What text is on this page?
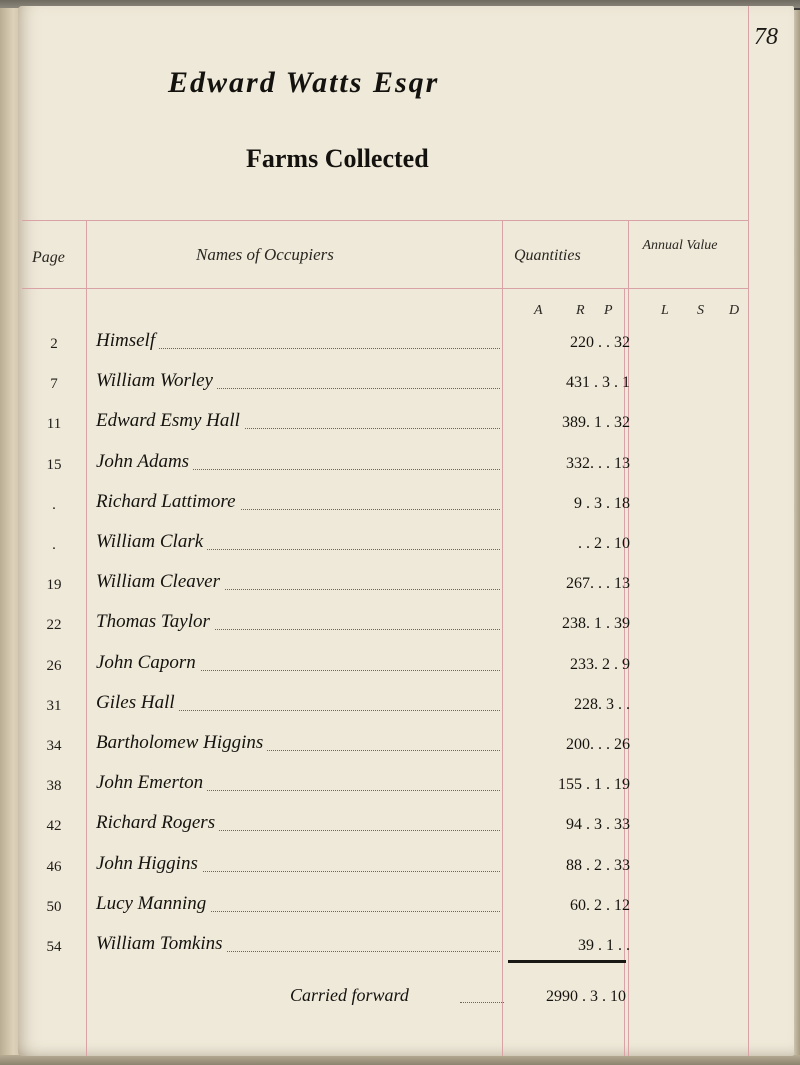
78
Edward Watts Esqr
Farms Collected
Page	Names of Occupiers	Quantities
Annual Value
A R P	L S D
2	Himself	220 . . 32
7	William Worley	431 . 3 . 1
11	Edward Esmy Hall	389. 1 . 32
15	John Adams	332. . . 13
.	Richard Lattimore	9 . 3 . 18
.	William Clark	. . 2 . 10
19	William Cleaver	267. . . 13
22	Thomas Taylor	238. 1 . 39
26	John Caporn	233. 2 . 9
31	Giles Hall	228. 3 . .
34	Bartholomew Higgins	200. . . 26
38	John Emerton	155 . 1 . 19
42	Richard Rogers	94 . 3 . 33
46	John Higgins	88 . 2 . 33
50	Lucy Manning	60. 2 . 12
54	William Tomkins	39 . 1 . .
Carried forward	2990 . 3 . 10
